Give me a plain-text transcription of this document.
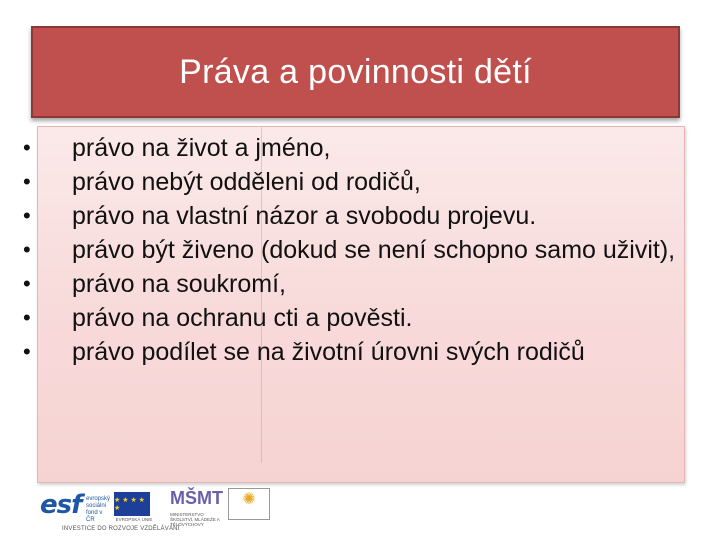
Práva a povinnosti dětí
• právo na život a jméno,
• právo nebýt odděleni od rodičů,
• právo na vlastní názor a svobodu projevu.
• právo být živeno (dokud se není schopno samo uživit),
• právo na soukromí,
• právo na ochranu cti a pověsti.
• právo podílet se na životní úrovni svých rodičů
esf evropský sociální fond v ČR
★ ★ ★ ★ ★
EVROPSKÁ UNIE
MŠMT
MINISTERSTVO ŠKOLSTVÍ, MLÁDEŽE A TĚLOVÝCHOVY
✺
INVESTICE DO ROZVOJE VZDĚLÁVÁNÍ
